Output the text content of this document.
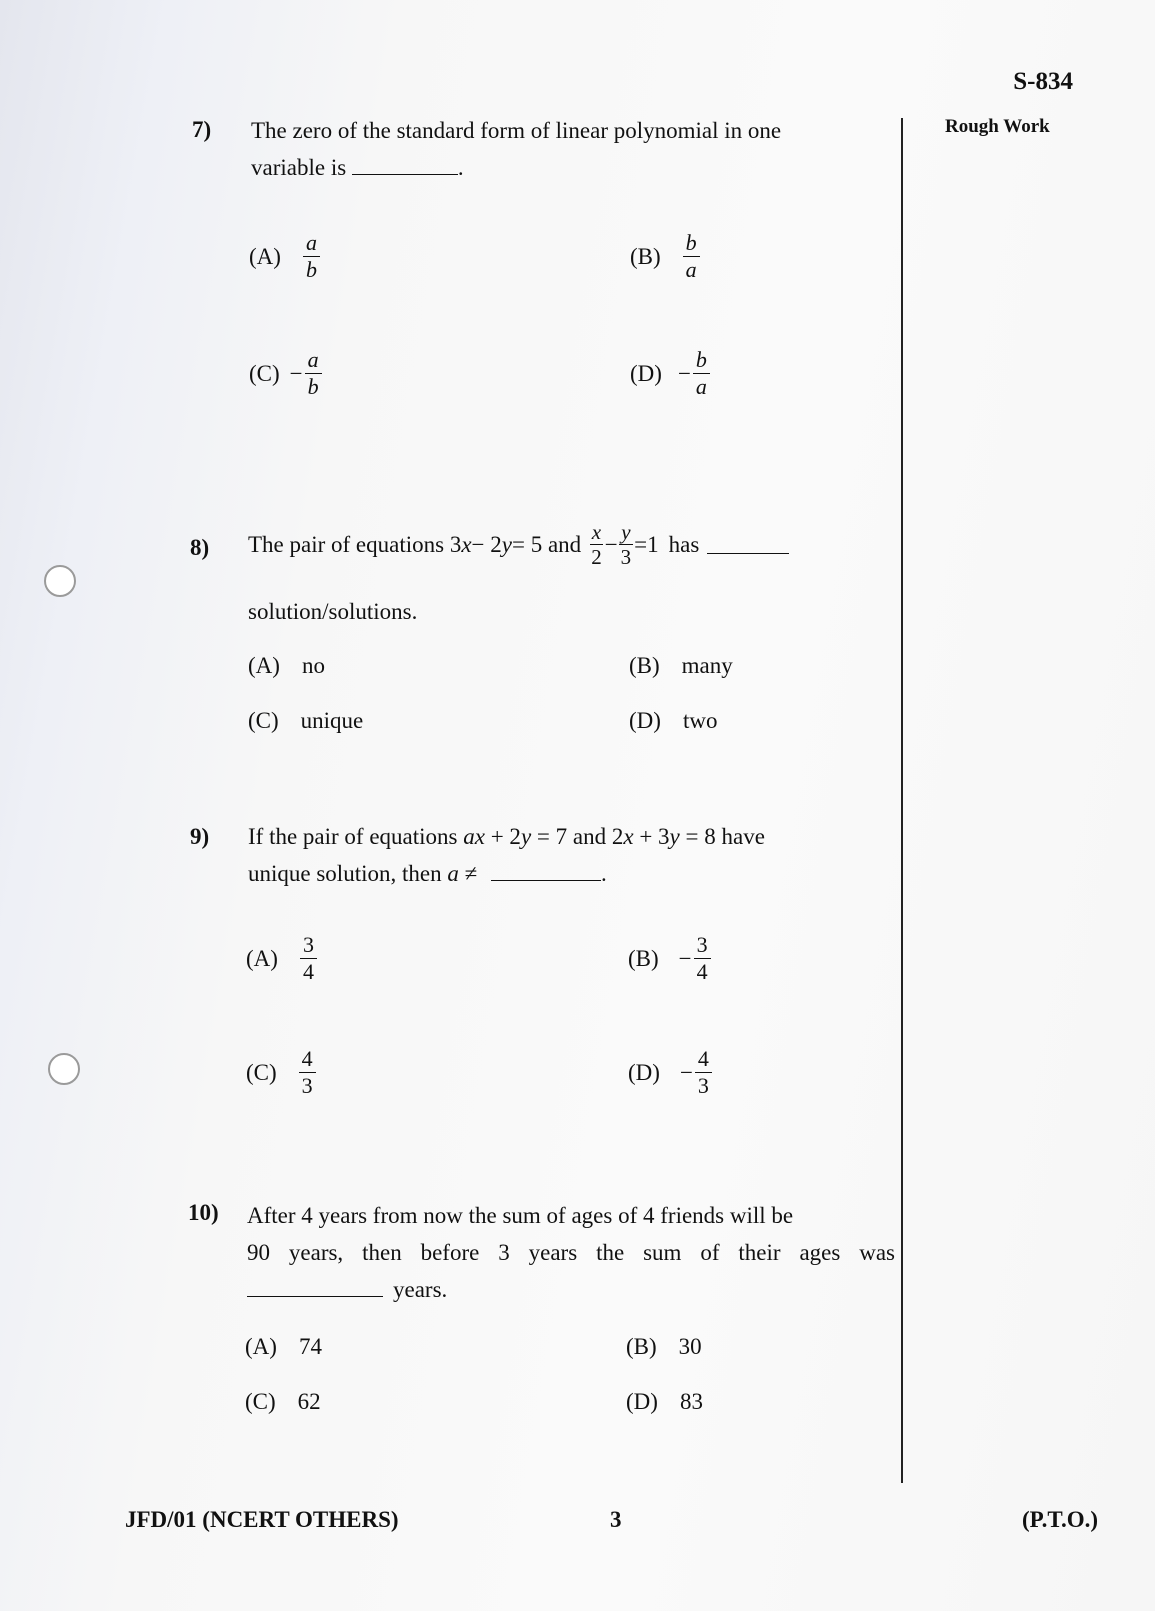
S-834
Rough Work
7) The zero of the standard form of linear polynomial in one
variable is	.
$(A) \frac{a}{b}$	$(B) \frac{b}{a}$
$(C) - \frac{a}{b}$	$(D) - \frac{b}{a}$
8) The pair of equations 3 x − 2 y = 5 and $\frac{x}{2} - \frac{y}{3} =1$ has
solution/solutions.
(A) no	(B) many
(C) unique	(D) two
9) If the pair of equations ax + 2y = 7 and 2x + 3y = 8 have
unique solution, then a ≠	.
$(A) \frac{3}{4}$	$(B) - \frac{3}{4}$
$(C) \frac{4}{3}$	$(D) - \frac{4}{3}$
10) After 4 years from now the sum of ages of 4 friends will be
90 years, then before 3 years the sum of their ages was
years.
(A) 74	(B) 30
(C) 62	(D) 83
JFD/01 (NCERT OTHERS)	3	(P.T.O.)
